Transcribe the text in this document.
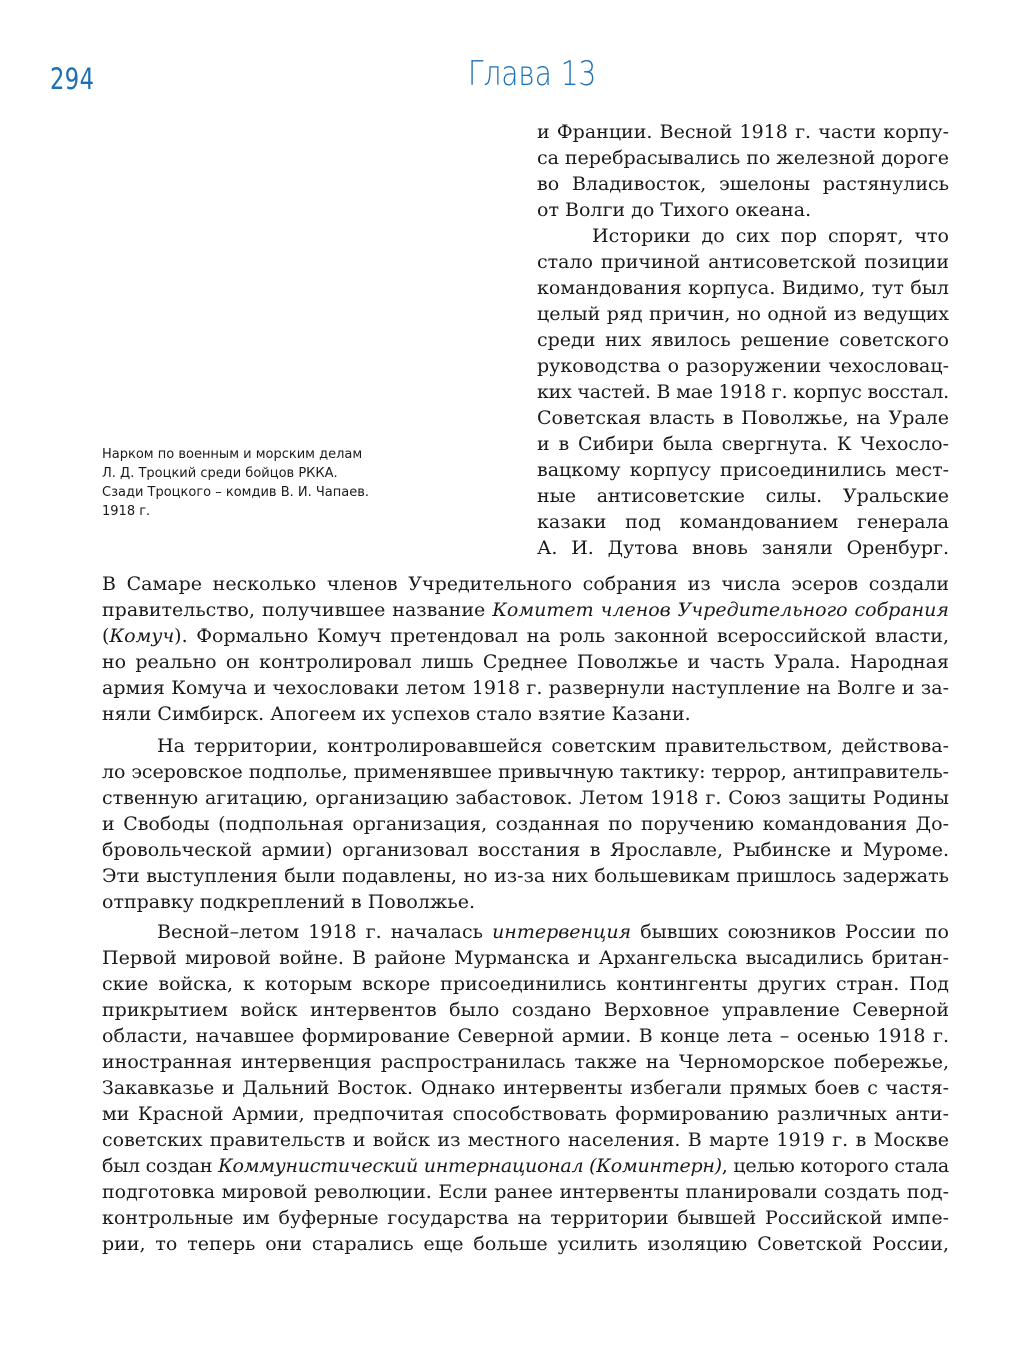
294	Глава 13
Нарком по военным и морским делам
Л. Д. Троцкий среди бойцов РККА.
Сзади Троцкого – комдив В. И. Чапаев.
1918 г.
и Франции. Весной 1918 г. части корпу-
са перебрасывались по железной дороге
во Владивосток, эшелоны растянулись
от Волги до Тихого океана.
Историки до сих пор спорят, что
стало причиной антисоветской позиции
командования корпуса. Видимо, тут был
целый ряд причин, но одной из ведущих
среди них явилось решение советского
руководства о разоружении чехословац-
ких частей. В мае 1918 г. корпус восстал.
Советская власть в Поволжье, на Урале
и в Сибири была свергнута. К Чехосло-
вацкому корпусу присоединились мест-
ные антисоветские силы. Уральские
казаки под командованием генерала
А. И. Дутова вновь заняли Оренбург.
В Самаре несколько членов Учредительного собрания из числа эсеров создали
правительство, получившее название Комитет членов Учредительного собрания
(Комуч). Формально Комуч претендовал на роль законной всероссийской власти,
но реально он контролировал лишь Среднее Поволжье и часть Урала. Народная
армия Комуча и чехословаки летом 1918 г. развернули наступление на Волге и за-
няли Симбирск. Апогеем их успехов стало взятие Казани.
На территории, контролировавшейся советским правительством, действова-
ло эсеровское подполье, применявшее привычную тактику: террор, антиправитель-
ственную агитацию, организацию забастовок. Летом 1918 г. Союз защиты Родины
и Свободы (подпольная организация, созданная по поручению командования До-
бровольческой армии) организовал восстания в Ярославле, Рыбинске и Муроме.
Эти выступления были подавлены, но из-за них большевикам пришлось задержать
отправку подкреплений в Поволжье.
Весной–летом 1918 г. началась интервенция бывших союзников России по
Первой мировой войне. В районе Мурманска и Архангельска высадились британ-
ские войска, к которым вскоре присоединились контингенты других стран. Под
прикрытием войск интервентов было создано Верховное управление Северной
области, начавшее формирование Северной армии. В конце лета – осенью 1918 г.
иностранная интервенция распространилась также на Черноморское побережье,
Закавказье и Дальний Восток. Однако интервенты избегали прямых боев с частя-
ми Красной Армии, предпочитая способствовать формированию различных анти-
советских правительств и войск из местного населения. В марте 1919 г. в Москве
был создан Коммунистический интернационал (Коминтерн), целью которого стала
подготовка мировой революции. Если ранее интервенты планировали создать под-
контрольные им буферные государства на территории бывшей Российской импе-
рии, то теперь они старались еще больше усилить изоляцию Советской России,
